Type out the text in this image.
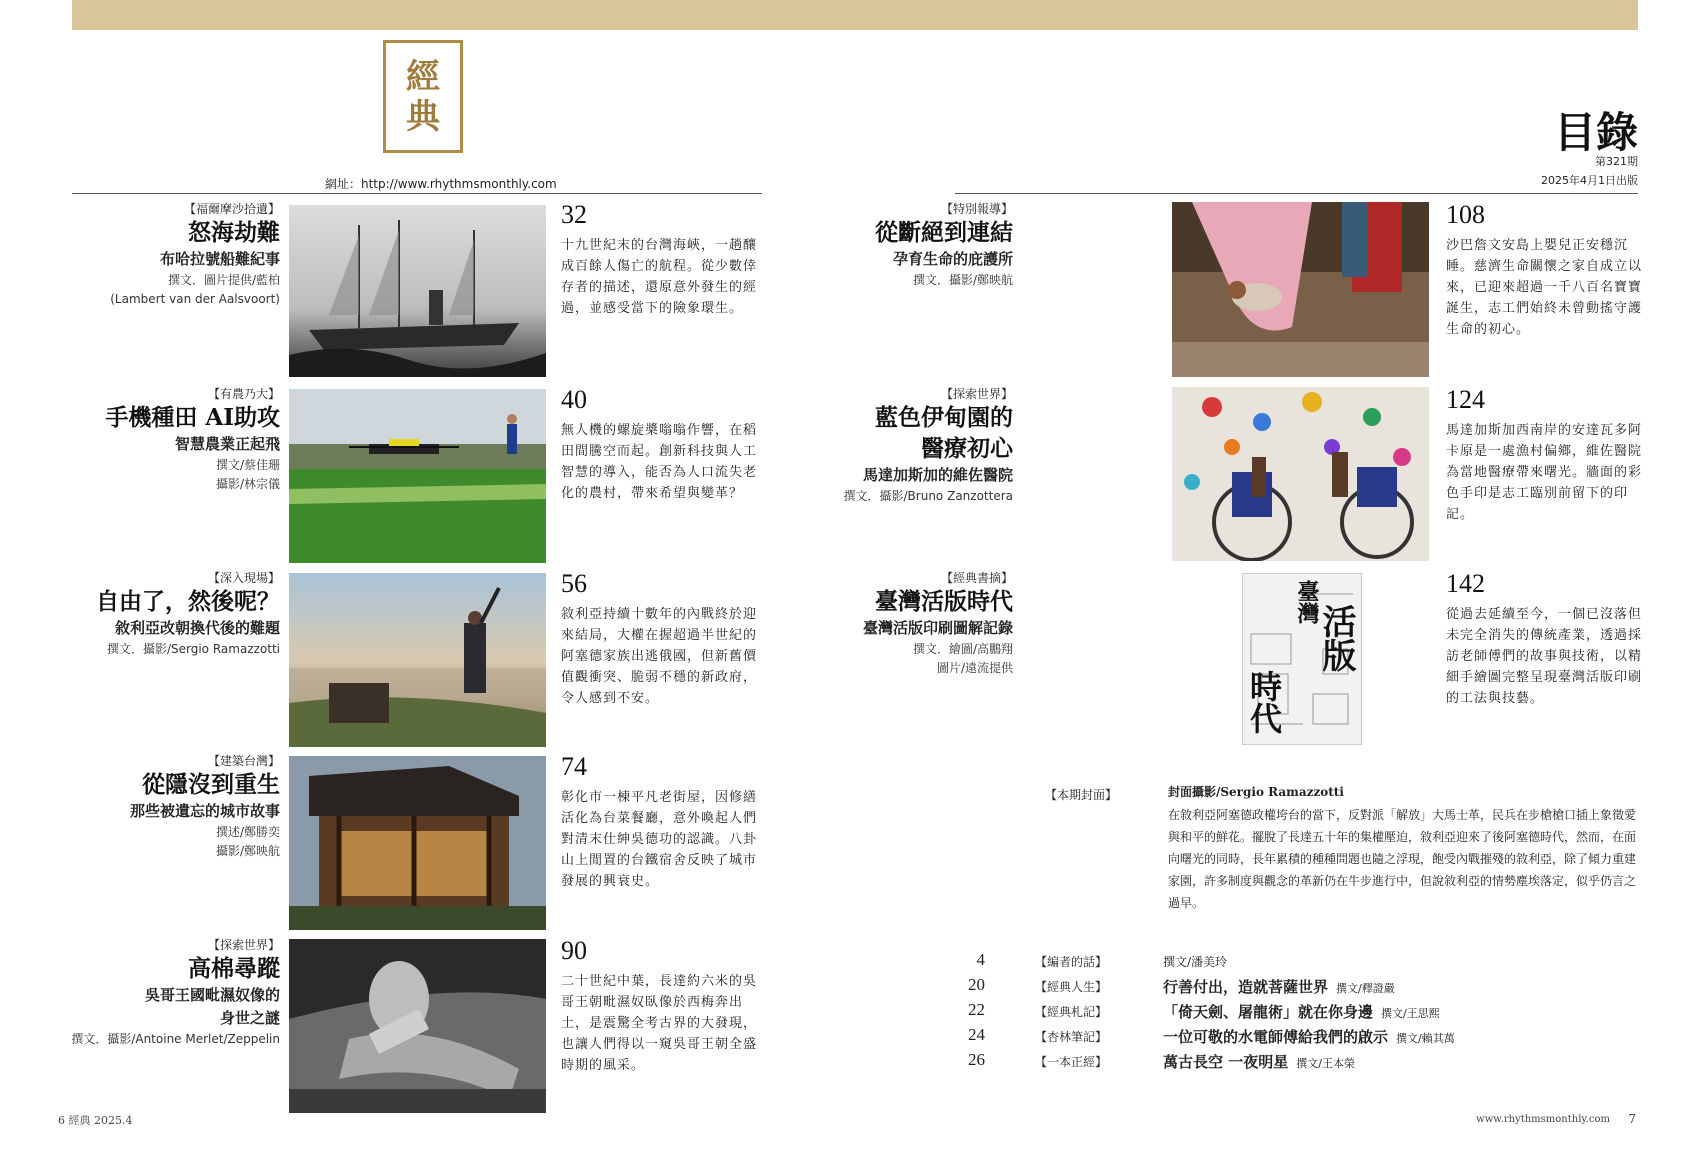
經
典
網址：http://www.rhythmsmonthly.com
目錄
第321期
2025年4月1日出版
【福爾摩沙拾遺】
怒海劫難
布哈拉號船難紀事
撰文．圖片提供/藍柏
(Lambert van der Aalsvoort)
32
十九世紀末的台灣海峽，一趟釀成百餘人傷亡的航程。從少數倖存者的描述，還原意外發生的經過，並感受當下的險象環生。
【有農乃大】
手機種田 AI助攻
智慧農業正起飛
撰文/蔡佳珊
攝影/林宗儀
40
無人機的螺旋槳嗡嗡作響，在稻田間騰空而起。創新科技與人工智慧的導入，能否為人口流失老化的農村，帶來希望與變革？
【深入現場】
自由了，然後呢？
敘利亞改朝換代後的難題
撰文．攝影/Sergio Ramazzotti
56
敘利亞持續十數年的內戰終於迎來結局，大權在握超過半世紀的阿塞德家族出逃俄國，但新舊價值觀衝突、脆弱不穩的新政府，令人感到不安。
【建築台灣】
從隱沒到重生
那些被遺忘的城市故事
撰述/鄭勝奕
攝影/鄭映航
74
彰化市一棟平凡老街屋，因修繕活化為台菜餐廳，意外喚起人們對清末仕紳吳德功的認識。八卦山上閒置的台鐵宿舍反映了城市發展的興衰史。
【探索世界】
高棉尋蹤
吳哥王國毗濕奴像的
身世之謎
撰文．攝影/Antoine Merlet/Zeppelin
90
二十世紀中葉，長達約六米的吳哥王朝毗濕奴臥像於西梅奔出土，是震驚全考古界的大發現，也讓人們得以一窺吳哥王朝全盛時期的風采。
【特別報導】
從斷絕到連結
孕育生命的庇護所
撰文．攝影/鄭映航
108
沙巴詹文安島上嬰兒正安穩沉睡。慈濟生命關懷之家自成立以來，已迎來超過一千八百名寶寶誕生，志工們始終未曾動搖守護生命的初心。
【探索世界】
藍色伊甸園的
醫療初心
馬達加斯加的維佐醫院
撰文．攝影/Bruno Zanzottera
124
馬達加斯加西南岸的安達瓦多阿卡原是一處漁村偏鄉，維佐醫院為當地醫療帶來曙光。牆面的彩色手印是志工臨別前留下的印記。
【經典書摘】
臺灣活版時代
臺灣活版印刷圖解記錄
撰文．繪圖/高鵬翔
圖片/遠流提供
臺灣
活版
時代
142
從過去延續至今，一個已沒落但未完全消失的傳統產業，透過採訪老師傅們的故事與技術，以精細手繪圖完整呈現臺灣活版印刷的工法與技藝。
【本期封面】	封面攝影/Sergio Ramazzotti
在敘利亞阿塞德政權垮台的當下，反對派「解放」大馬士革，民兵在步槍槍口插上象徵愛與和平的鮮花。擺脫了長達五十年的集權壓迫，敘利亞迎來了後阿塞德時代，然而，在面向曙光的同時，長年累積的種種問題也隨之浮現，飽受內戰摧殘的敘利亞，除了傾力重建家園，許多制度與觀念的革新仍在牛步進行中，但說敘利亞的情勢塵埃落定，似乎仍言之過早。
4	【編者的話】	撰文/潘美玲
20	【經典人生】	行善付出，造就菩薩世界 撰文/釋證嚴
22	【經典札記】	「倚天劍、屠龍術」就在你身邊 撰文/王思熙
24	【杏林筆記】	一位可敬的水電師傅給我們的啟示 撰文/賴其萬
26	【一本正經】	萬古長空 一夜明星 撰文/王本榮
6 經典 2025.4	www.rhythmsmonthly.com 7
